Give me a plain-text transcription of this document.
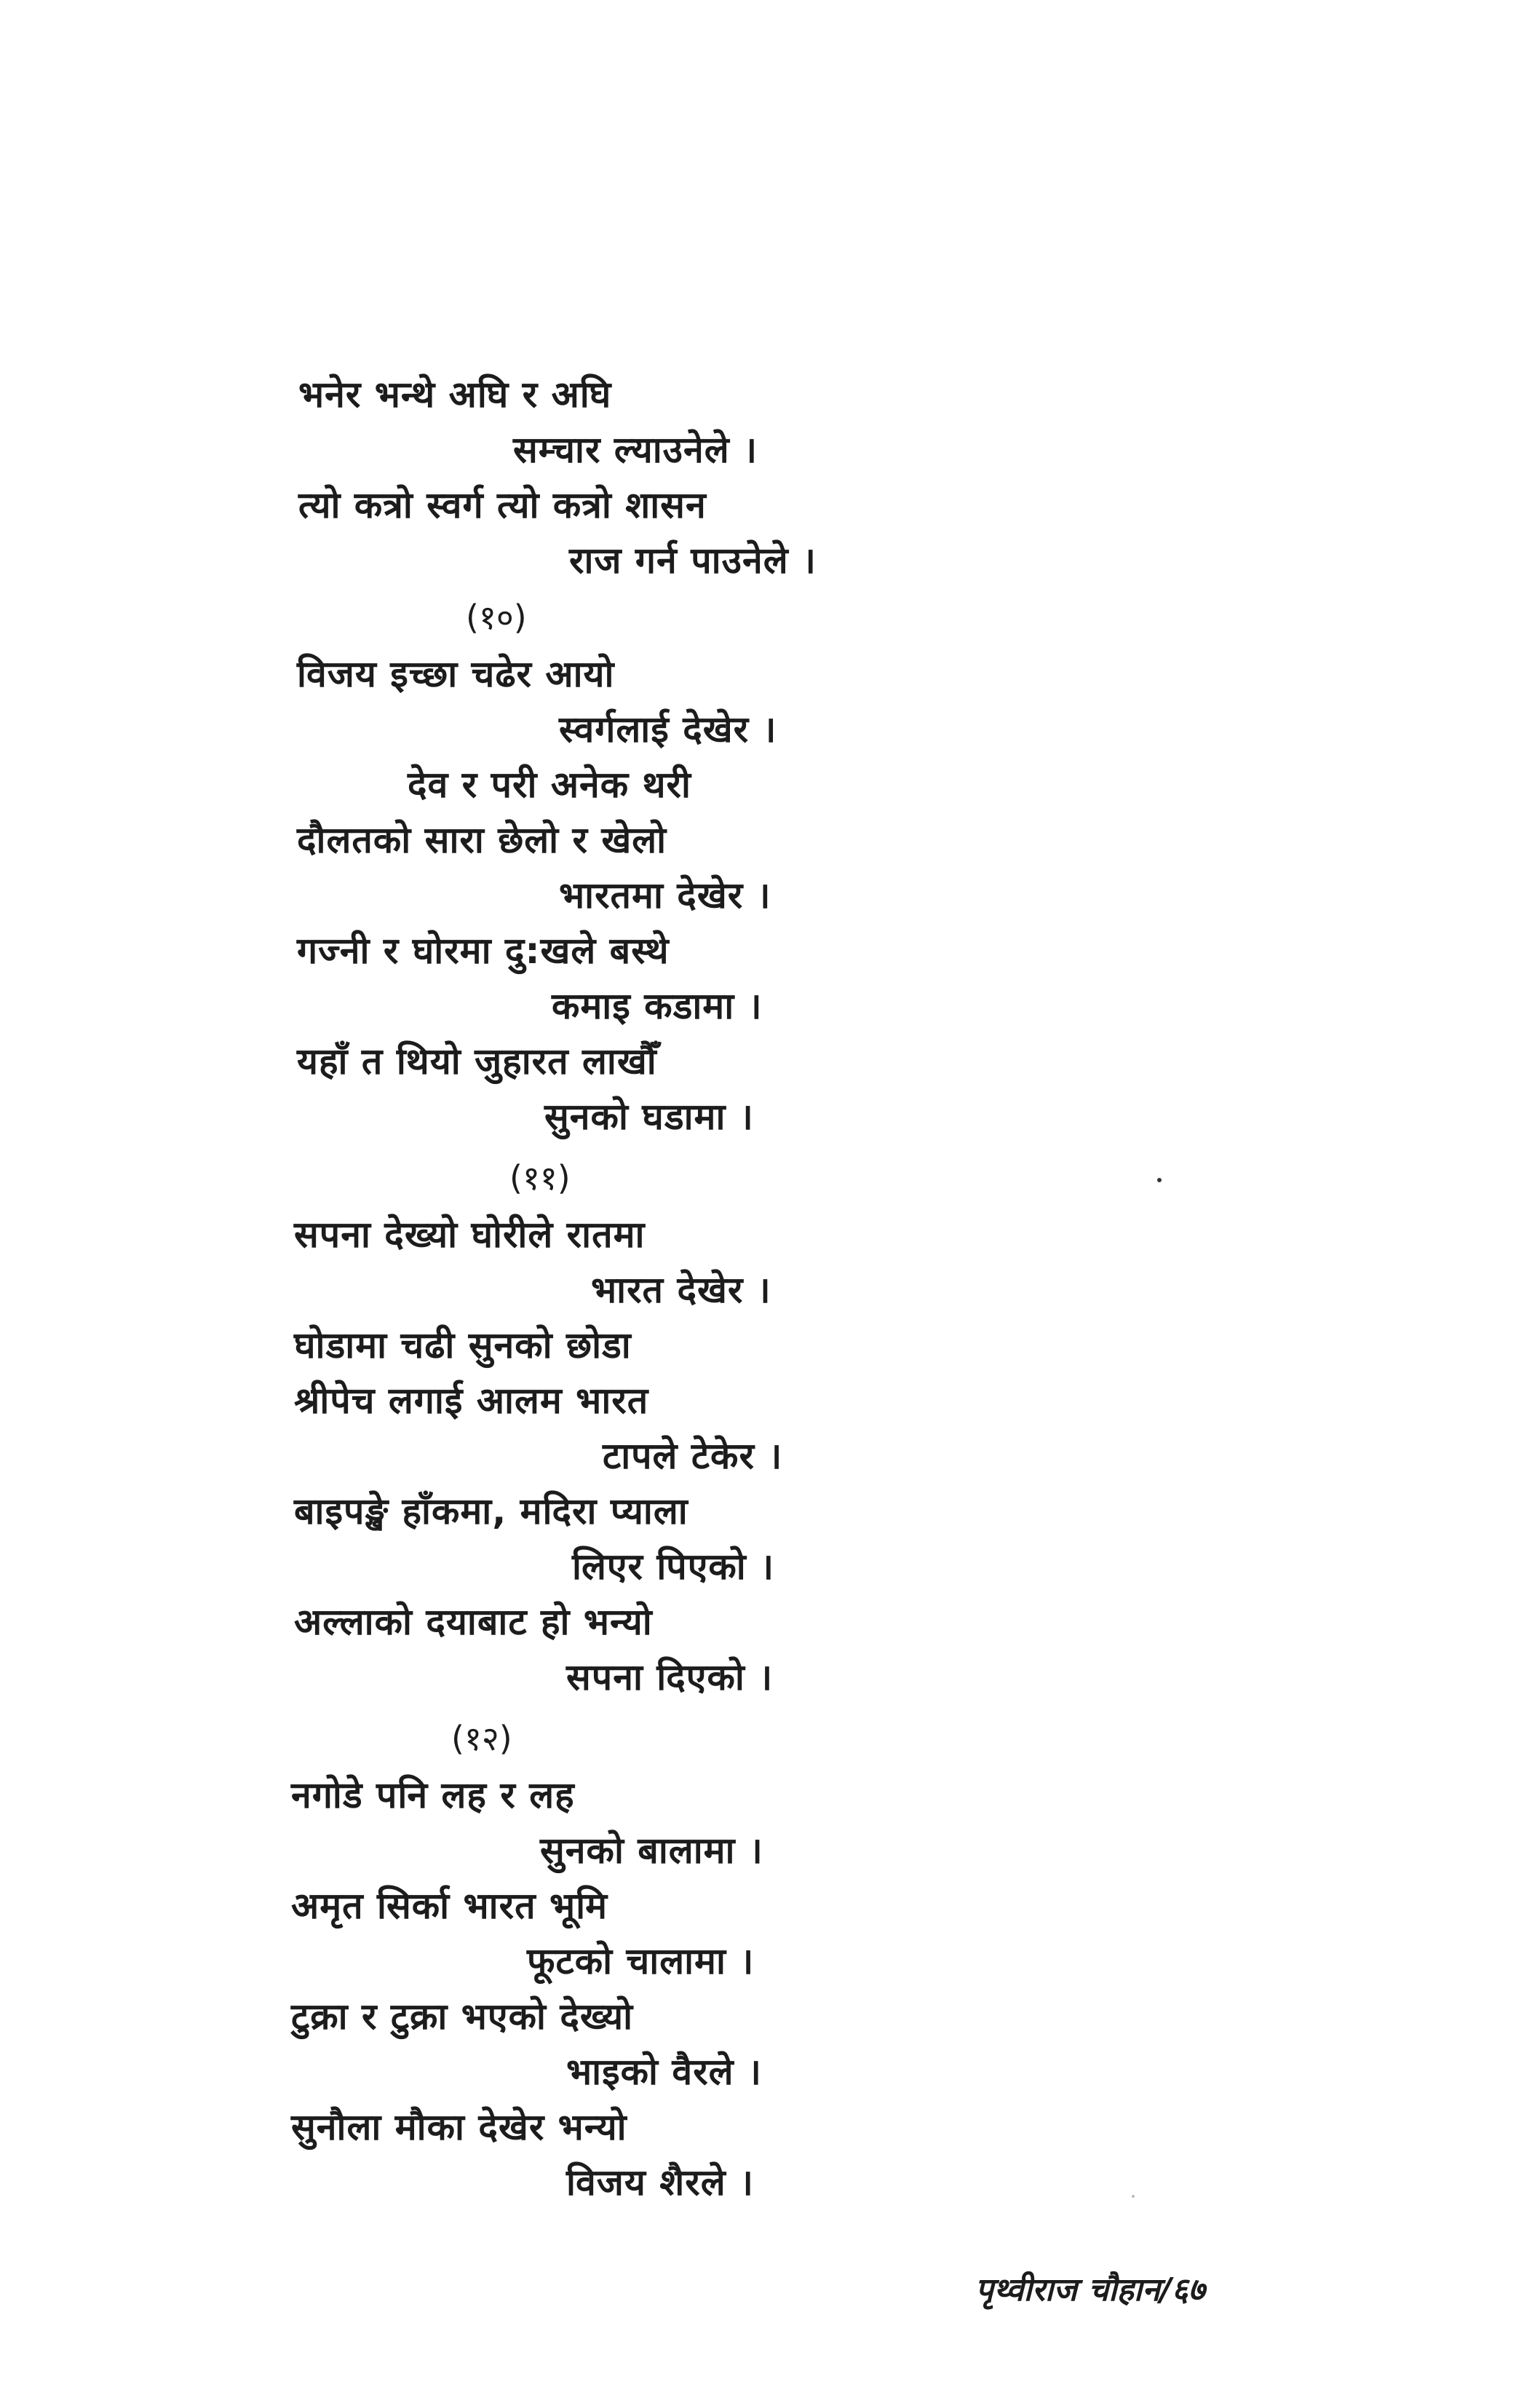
भनेर भन्थे अघि र अघि
सम्चार ल्याउनेले ।
त्यो कत्रो स्वर्ग त्यो कत्रो शासन
राज गर्न पाउनेले ।
(१०)
विजय इच्छा चढेर आयो
स्वर्गलाई देखेर ।
देव र परी अनेक थरी
दौलतको सारा छेलो र खेलो
भारतमा देखेर ।
गज्नी र घोरमा दु:खले बस्थे
कमाइ कडामा ।
यहाँ त थियो जुहारत लाखौँ
सुनको घडामा ।
(११)
सपना देख्यो घोरीले रातमा
भारत देखेर ।
घोडामा चढी सुनको छोडा
श्रीपेच लगाई आलम भारत
टापले टेकेर ।
बाइपङ्खे हाँकमा, मदिरा प्याला
लिएर पिएको ।
अल्लाको दयाबाट हो भन्यो
सपना दिएको ।
(१२)
नगोडे पनि लह र लह
सुनको बालामा ।
अमृत सिर्का भारत भूमि
फूटको चालामा ।
टुक्रा र टुक्रा भएको देख्यो
भाइको वैरले ।
सुनौला मौका देखेर भन्यो
विजय शैरले ।
पृथ्वीराज चौहान/६७
